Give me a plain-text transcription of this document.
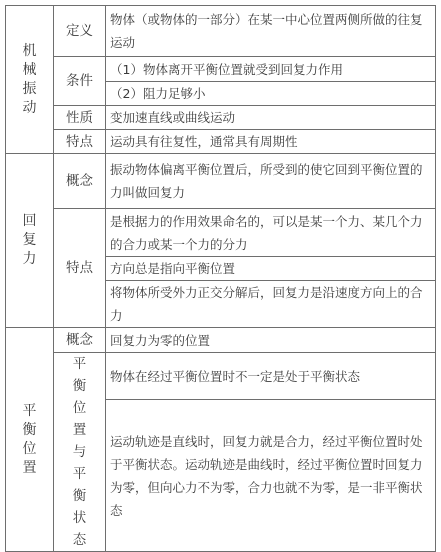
机械振动	定义	物体（或物体的一部分）在某一中心位置两侧所做的往复运动
	条件	（1）物体离开平衡位置就受到回复力作用
		（2）阻力足够小
	性质	变加速直线或曲线运动
	特点	运动具有往复性，通常具有周期性
回复力	概念	振动物体偏离平衡位置后，所受到的使它回到平衡位置的力叫做回复力
	特点	是根据力的作用效果命名的，可以是某一个力、某几个力的合力或某一个力的分力
		方向总是指向平衡位置
		将物体所受外力正交分解后，回复力是沿速度方向上的合力
平衡位置	概念	回复力为零的位置
	平衡位置与平衡状态	物体在经过平衡位置时不一定是处于平衡状态
		运动轨迹是直线时，回复力就是合力，经过平衡位置时处于平衡状态。运动轨迹是曲线时，经过平衡位置时回复力为零，但向心力不为零，合力也就不为零，是一非平衡状态
